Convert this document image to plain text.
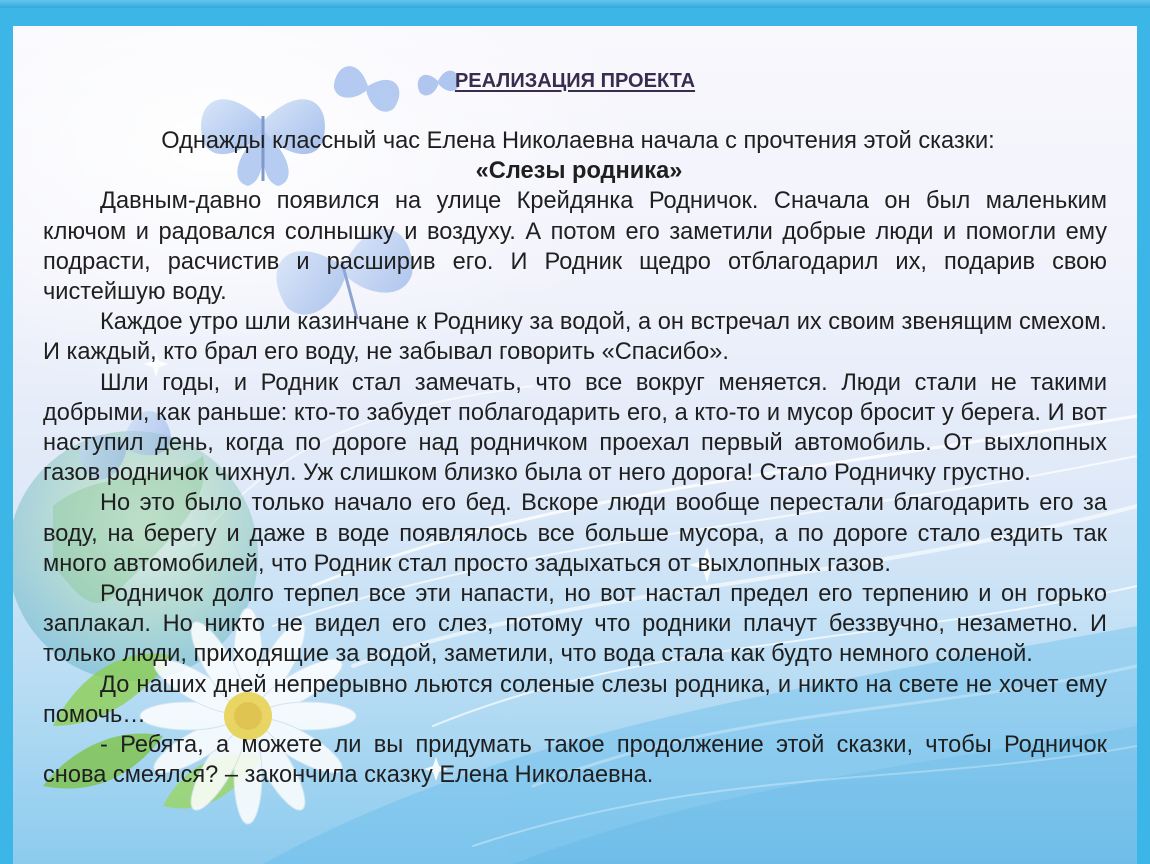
РЕАЛИЗАЦИЯ ПРОЕКТА

Однажды классный час Елена Николаевна начала с прочтения этой сказки:

«Слезы родника»

Давным-давно появился на улице Крейдянка Родничок. Сначала он был маленьким ключом и радовался солнышку и воздуху. А потом его заметили добрые люди и помогли ему подрасти, расчистив и расширив его. И Родник щедро отблагодарил их, подарив свою чистейшую воду.

Каждое утро шли казинчане к Роднику за водой, а он встречал их своим звенящим смехом. И каждый, кто брал его воду, не забывал говорить «Спасибо».

Шли годы, и Родник стал замечать, что все вокруг меняется. Люди стали не такими добрыми, как раньше: кто-то забудет поблагодарить его, а кто-то и мусор бросит у берега. И вот наступил день, когда по дороге над родничком проехал первый автомобиль. От выхлопных газов родничок чихнул. Уж слишком близко была от него дорога! Стало Родничку грустно.

Но это было только начало его бед. Вскоре люди вообще перестали благодарить его за воду, на берегу и даже в воде появлялось все больше мусора, а по дороге стало ездить так много автомобилей, что Родник стал просто задыхаться от выхлопных газов.

Родничок долго терпел все эти напасти, но вот настал предел его терпению и он горько заплакал. Но никто не видел его слез, потому что родники плачут беззвучно, незаметно. И только люди, приходящие за водой, заметили, что вода стала как будто немного соленой.

До наших дней непрерывно льются соленые слезы родника, и никто на свете не хочет ему помочь…

- Ребята, а можете ли вы придумать такое продолжение этой сказки, чтобы Родничок снова смеялся? – закончила сказку Елена Николаевна.
